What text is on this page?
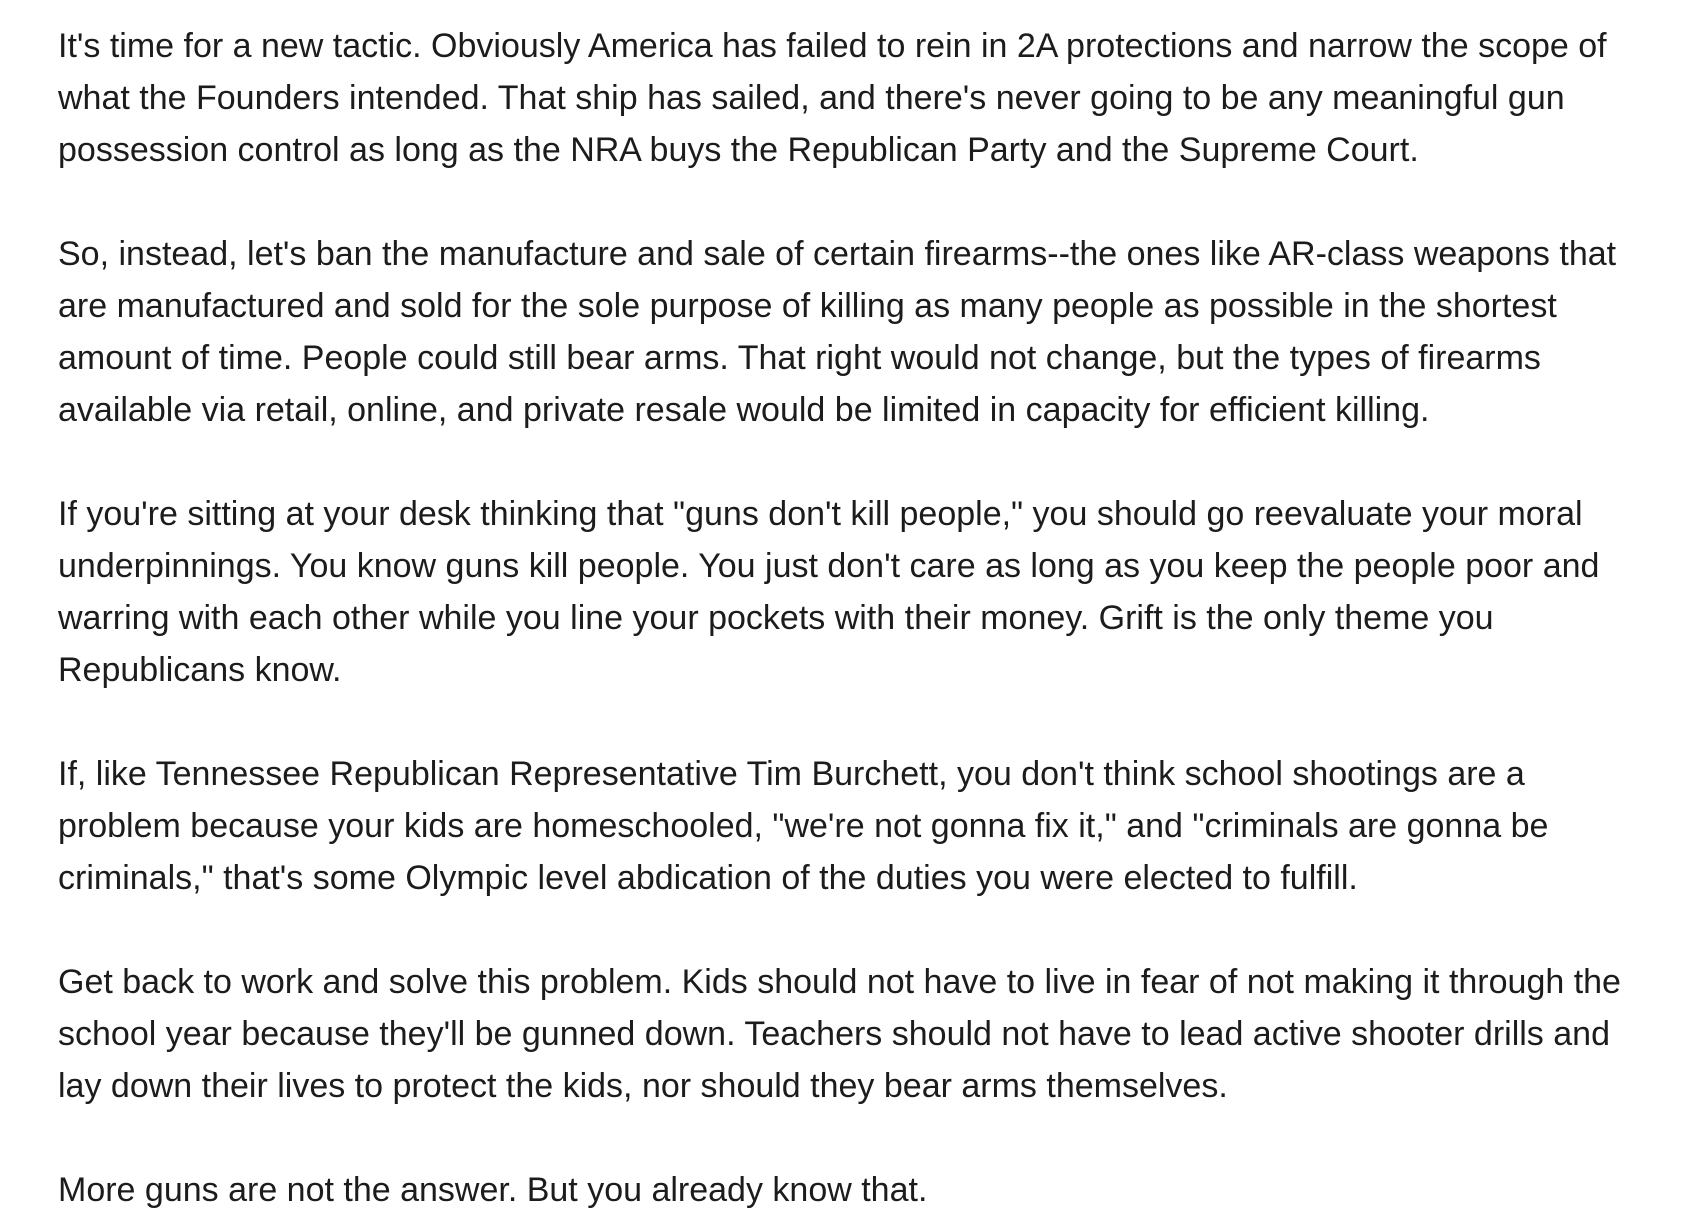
It's time for a new tactic. Obviously America has failed to rein in 2A protections and narrow the scope of
what the Founders intended. That ship has sailed, and there's never going to be any meaningful gun
possession control as long as the NRA buys the Republican Party and the Supreme Court.

So, instead, let's ban the manufacture and sale of certain firearms--the ones like AR-class weapons that
are manufactured and sold for the sole purpose of killing as many people as possible in the shortest
amount of time. People could still bear arms. That right would not change, but the types of firearms
available via retail, online, and private resale would be limited in capacity for efficient killing.

If you're sitting at your desk thinking that "guns don't kill people," you should go reevaluate your moral
underpinnings. You know guns kill people. You just don't care as long as you keep the people poor and
warring with each other while you line your pockets with their money. Grift is the only theme you
Republicans know.

If, like Tennessee Republican Representative Tim Burchett, you don't think school shootings are a
problem because your kids are homeschooled, "we're not gonna fix it," and "criminals are gonna be
criminals," that's some Olympic level abdication of the duties you were elected to fulfill.

Get back to work and solve this problem. Kids should not have to live in fear of not making it through the
school year because they'll be gunned down. Teachers should not have to lead active shooter drills and
lay down their lives to protect the kids, nor should they bear arms themselves.

More guns are not the answer. But you already know that.
